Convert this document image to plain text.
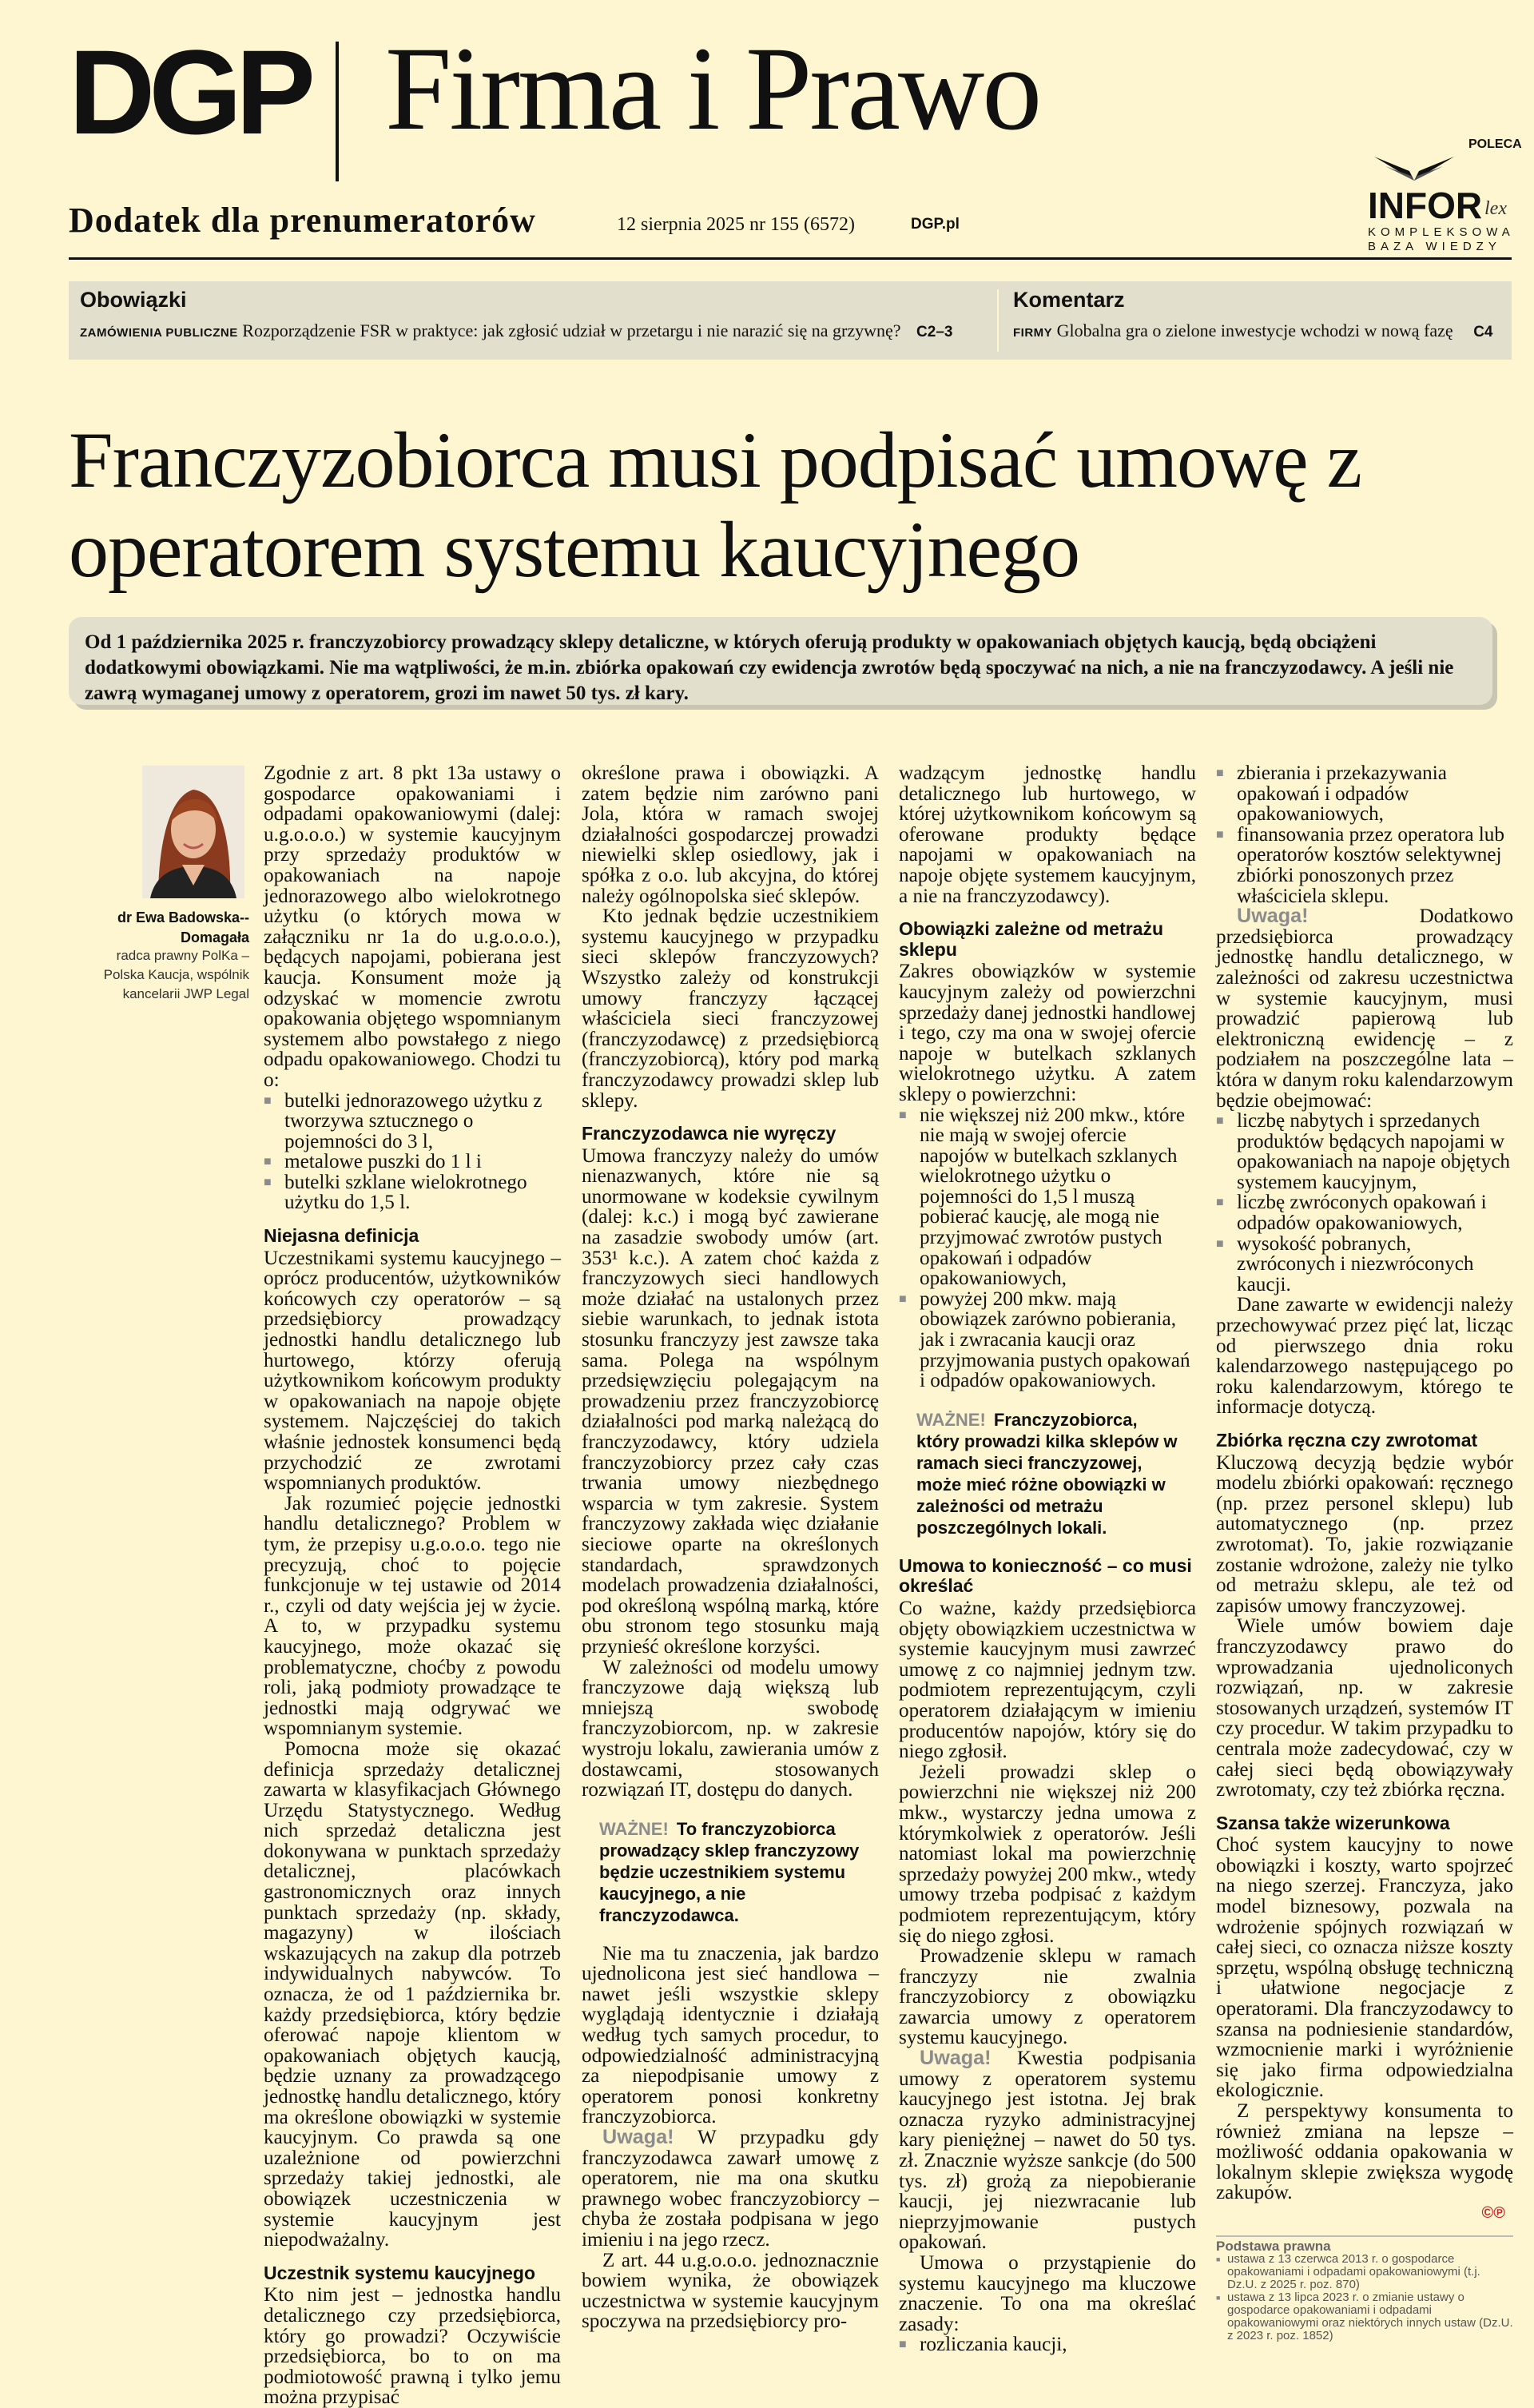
DGP Firma i Prawo
Dodatek dla prenumeratorów	12 sierpnia 2025 nr 155 (6572)	DGP.pl
POLECA
INFOR lex
KOMPLEKSOWA
BAZA WIEDZY
Obowiązki
ZAMÓWIENIA PUBLICZNE Rozporządzenie FSR w praktyce: jak zgłosić udział w przetargu i nie narazić się na grzywnę? C2–3
Komentarz
FIRMY Globalna gra o zielone inwestycje wchodzi w nową fazę C4
Franczyzobiorca musi podpisać umowę z operatorem systemu kaucyjnego
Od 1 października 2025 r. franczyzobiorcy prowadzący sklepy detaliczne, w których oferują produkty w opakowaniach objętych kaucją, będą obciążeni dodatkowymi obowiązkami. Nie ma wątpliwości, że m.in. zbiórka opakowań czy ewidencja zwrotów będą spoczywać na nich, a nie na franczyzodawcy. A jeśli nie zawrą wymaganej umowy z operatorem, grozi im nawet 50 tys. zł kary.
dr Ewa Badowska--Domagała
radca prawny PolKa – Polska Kaucja, wspólnik kancelarii JWP Legal

Zgodnie z art. 8 pkt 13a ustawy o gospodarce opakowaniami i odpadami opakowaniowymi (dalej: u.g.o.o.o.) w systemie kaucyjnym przy sprzedaży produktów w opakowaniach na napoje jednorazowego albo wielokrotnego użytku (o których mowa w załączniku nr 1a do u.g.o.o.o.), będących napojami, pobierana jest kaucja. Konsument może ją odzyskać w momencie zwrotu opakowania objętego wspomnianym systemem albo powstałego z niego odpadu opakowaniowego. Chodzi tu o:

■ butelki jednorazowego użytku z tworzywa sztucznego o pojemności do 3 l,
■ metalowe puszki do 1 l i
■ butelki szklane wielokrotnego użytku do 1,5 l.
Niejasna definicja

Uczestnikami systemu kaucyjnego – oprócz producentów, użytkowników końcowych czy operatorów – są przedsiębiorcy prowadzący jednostki handlu detalicznego lub hurtowego, którzy oferują użytkownikom końcowym produkty w opakowaniach na napoje objęte systemem. Najczęściej do takich właśnie jednostek konsumenci będą przychodzić ze zwrotami wspomnianych produktów.

Jak rozumieć pojęcie jednostki handlu detalicznego? Problem w tym, że przepisy u.g.o.o.o. tego nie precyzują, choć to pojęcie funkcjonuje w tej ustawie od 2014 r., czyli od daty wejścia jej w życie. A to, w przypadku systemu kaucyjnego, może okazać się problematyczne, choćby z powodu roli, jaką podmioty prowadzące te jednostki mają odgrywać we wspomnianym systemie.

Pomocna może się okazać definicja sprzedaży detalicznej zawarta w klasyfikacjach Głównego Urzędu Statystycznego. Według nich sprzedaż detaliczna jest dokonywana w punktach sprzedaży detalicznej, placówkach gastronomicznych oraz innych punktach sprzedaży (np. składy, magazyny) w ilościach wskazujących na zakup dla potrzeb indywidualnych nabywców. To oznacza, że od 1 października br. każdy przedsiębiorca, który będzie oferować napoje klientom w opakowaniach objętych kaucją, będzie uznany za prowadzącego jednostkę handlu detalicznego, który ma określone obowiązki w systemie kaucyjnym. Co prawda są one uzależnione od powierzchni sprzedaży takiej jednostki, ale obowiązek uczestniczenia w systemie kaucyjnym jest niepodważalny.

Uczestnik systemu kaucyjnego

Kto nim jest – jednostka handlu detalicznego czy przedsiębiorca, który go prowadzi? Oczywiście przedsiębiorca, bo to on ma podmiotowość prawną i tylko jemu można przypisać

określone prawa i obowiązki. A zatem będzie nim zarówno pani Jola, która w ramach swojej działalności gospodarczej prowadzi niewielki sklep osiedlowy, jak i spółka z o.o. lub akcyjna, do której należy ogólnopolska sieć sklepów.

Kto jednak będzie uczestnikiem systemu kaucyjnego w przypadku sieci sklepów franczyzowych? Wszystko zależy od konstrukcji umowy franczyzy łączącej właściciela sieci franczyzowej (franczyzodawcę) z przedsiębiorcą (franczyzobiorcą), który pod marką franczyzodawcy prowadzi sklep lub sklepy.

Franczyzodawca nie wyręczy

Umowa franczyzy należy do umów nienazwanych, które nie są unormowane w kodeksie cywilnym (dalej: k.c.) i mogą być zawierane na zasadzie swobody umów (art. 353¹ k.c.). A zatem choć każda z franczyzowych sieci handlowych może działać na ustalonych przez siebie warunkach, to jednak istota stosunku franczyzy jest zawsze taka sama. Polega na wspólnym przedsięwzięciu polegającym na prowadzeniu przez franczyzobiorcę działalności pod marką należącą do franczyzodawcy, który udziela franczyzobiorcy przez cały czas trwania umowy niezbędnego wsparcia w tym zakresie. System franczyzowy zakłada więc działanie sieciowe oparte na określonych standardach, sprawdzonych modelach prowadzenia działalności, pod określoną wspólną marką, które obu stronom tego stosunku mają przynieść określone korzyści.

W zależności od modelu umowy franczyzowe dają większą lub mniejszą swobodę franczyzobiorcom, np. w zakresie wystroju lokalu, zawierania umów z dostawcami, stosowanych rozwiązań IT, dostępu do danych.

WAŻNE! To franczyzobiorca prowadzący sklep franczyzowy będzie uczestnikiem systemu kaucyjnego, a nie franczyzodawca.

Nie ma tu znaczenia, jak bardzo ujednolicona jest sieć handlowa – nawet jeśli wszystkie sklepy wyglądają identycznie i działają według tych samych procedur, to odpowiedzialność administracyjną za niepodpisanie umowy z operatorem ponosi konkretny franczyzobiorca.

Uwaga! W przypadku gdy franczyzodawca zawarł umowę z operatorem, nie ma ona skutku prawnego wobec franczyzobiorcy – chyba że została podpisana w jego imieniu i na jego rzecz.

Z art. 44 u.g.o.o.o. jednoznacznie bowiem wynika, że obowiązek uczestnictwa w systemie kaucyjnym spoczywa na przedsiębiorcy pro-

wadzącym jednostkę handlu detalicznego lub hurtowego, w której użytkownikom końcowym są oferowane produkty będące napojami w opakowaniach na napoje objęte systemem kaucyjnym, a nie na franczyzodawcy).

Obowiązki zależne od metrażu sklepu

Zakres obowiązków w systemie kaucyjnym zależy od powierzchni sprzedaży danej jednostki handlowej i tego, czy ma ona w swojej ofercie napoje w butelkach szklanych wielokrotnego użytku. A zatem sklepy o powierzchni:

■ nie większej niż 200 mkw., które nie mają w swojej ofercie napojów w butelkach szklanych wielokrotnego użytku o pojemności do 1,5 l muszą pobierać kaucję, ale mogą nie przyjmować zwrotów pustych opakowań i odpadów opakowaniowych,
■ powyżej 200 mkw. mają obowiązek zarówno pobierania, jak i zwracania kaucji oraz przyjmowania pustych opakowań i odpadów opakowaniowych.
WAŻNE! Franczyzobiorca, który prowadzi kilka sklepów w ramach sieci franczyzowej, może mieć różne obowiązki w zależności od metrażu poszczególnych lokali.
Umowa to konieczność – co musi określać

Co ważne, każdy przedsiębiorca objęty obowiązkiem uczestnictwa w systemie kaucyjnym musi zawrzeć umowę z co najmniej jednym tzw. podmiotem reprezentującym, czyli operatorem działającym w imieniu producentów napojów, który się do niego zgłosił.

Jeżeli prowadzi sklep o powierzchni nie większej niż 200 mkw., wystarczy jedna umowa z którymkolwiek z operatorów. Jeśli natomiast lokal ma powierzchnię sprzedaży powyżej 200 mkw., wtedy umowy trzeba podpisać z każdym podmiotem reprezentującym, który się do niego zgłosi.

Prowadzenie sklepu w ramach franczyzy nie zwalnia franczyzobiorcy z obowiązku zawarcia umowy z operatorem systemu kaucyjnego.

Uwaga! Kwestia podpisania umowy z operatorem systemu kaucyjnego jest istotna. Jej brak oznacza ryzyko administracyjnej kary pieniężnej – nawet do 50 tys. zł. Znacznie wyższe sankcje (do 500 tys. zł) grożą za niepobieranie kaucji, jej niezwracanie lub nieprzyjmowanie pustych opakowań.

Umowa o przystąpienie do systemu kaucyjnego ma kluczowe znaczenie. To ona ma określać zasady:

■ rozliczania kaucji,
■ zbierania i przekazywania opakowań i odpadów opakowaniowych,
■ finansowania przez operatora lub operatorów kosztów selektywnej zbiórki ponoszonych przez właściciela sklepu.

Uwaga!	Dodatkowo przedsiębiorca prowadzący jednostkę handlu detalicznego, w zależności od zakresu uczestnictwa w systemie kaucyjnym, musi prowadzić papierową lub elektroniczną ewidencję – z podziałem na poszczególne lata – która w danym roku kalendarzowym będzie obejmować:

■ liczbę nabytych i sprzedanych produktów będących napojami w opakowaniach na napoje objętych systemem kaucyjnym,
■ liczbę zwróconych opakowań i odpadów opakowaniowych,
■ wysokość pobranych, zwróconych i niezwróconych kaucji.

Dane zawarte w ewidencji należy przechowywać przez pięć lat, licząc od pierwszego dnia roku kalendarzowego następującego po roku kalendarzowym, którego te informacje dotyczą.

Zbiórka ręczna czy zwrotomat

Kluczową decyzją będzie wybór modelu zbiórki opakowań: ręcznego (np. przez personel sklepu) lub automatycznego (np. przez zwrotomat). To, jakie rozwiązanie zostanie wdrożone, zależy nie tylko od metrażu sklepu, ale też od zapisów umowy franczyzowej.

Wiele umów bowiem daje franczyzodawcy prawo do wprowadzania ujednoliconych rozwiązań, np. w zakresie stosowanych urządzeń, systemów IT czy procedur. W takim przypadku to centrala może zadecydować, czy w całej sieci będą obowiązywały zwrotomaty, czy też zbiórka ręczna.

Szansa także wizerunkowa

Choć system kaucyjny to nowe obowiązki i koszty, warto spojrzeć na niego szerzej. Franczyza, jako model biznesowy, pozwala na wdrożenie spójnych rozwiązań w całej sieci, co oznacza niższe koszty sprzętu, wspólną obsługę techniczną i ułatwione negocjacje z operatorami. Dla franczyzodawcy to szansa na podniesienie standardów, wzmocnienie marki i wyróżnienie się jako firma odpowiedzialna ekologicznie.

Z perspektywy konsumenta to również zmiana na lepsze – możliwość oddania opakowania w lokalnym sklepie zwiększa wygodę zakupów.

©℗
Podstawa prawna
■ ustawa z 13 czerwca 2013 r. o gospodarce opakowaniami i odpadami opakowaniowymi (t.j. Dz.U. z 2025 r. poz. 870)
■ ustawa z 13 lipca 2023 r. o zmianie ustawy o gospodarce opakowaniami i odpadami opakowaniowymi oraz niektórych innych ustaw (Dz.U. z 2023 r. poz. 1852)
